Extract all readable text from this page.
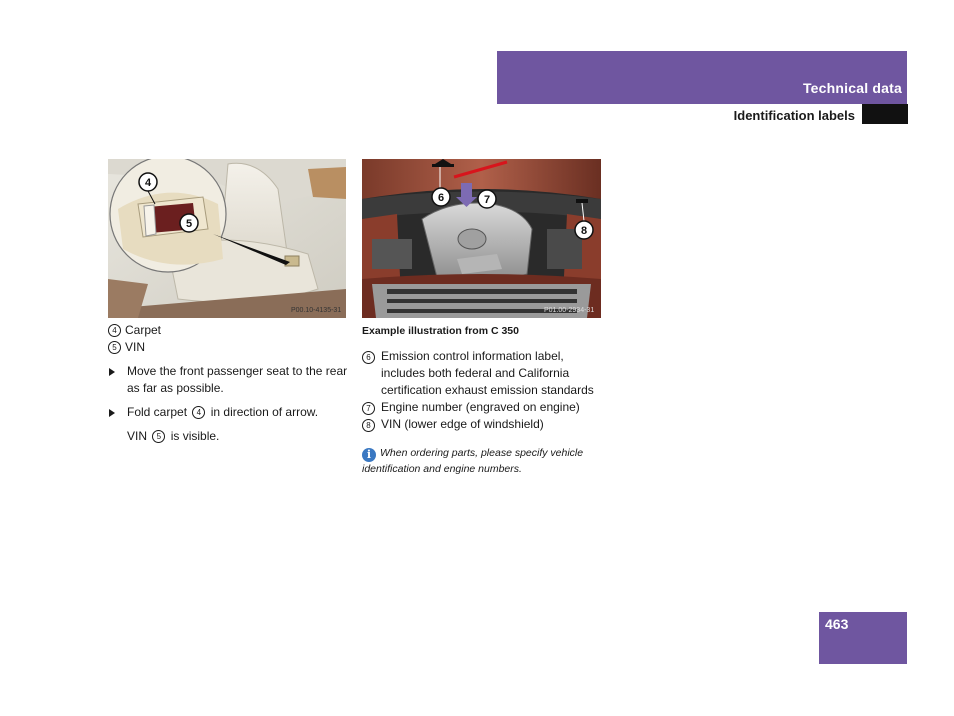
Technical data
Identification labels
4
5
P00.10-4135-31
6	7
8
P01.00-2934-31
4 Carpet
5 VIN
Move the front passenger seat to the rear as far as possible.
Fold carpet 4 in direction of arrow.
VIN 5 is visible.
Example illustration from C 350
6 Emission control information label, includes both federal and California certification exhaust emission standards
7 Engine number (engraved on engine)
8 VIN (lower edge of windshield)
i When ordering parts, please specify vehicle identification and engine numbers.
463
